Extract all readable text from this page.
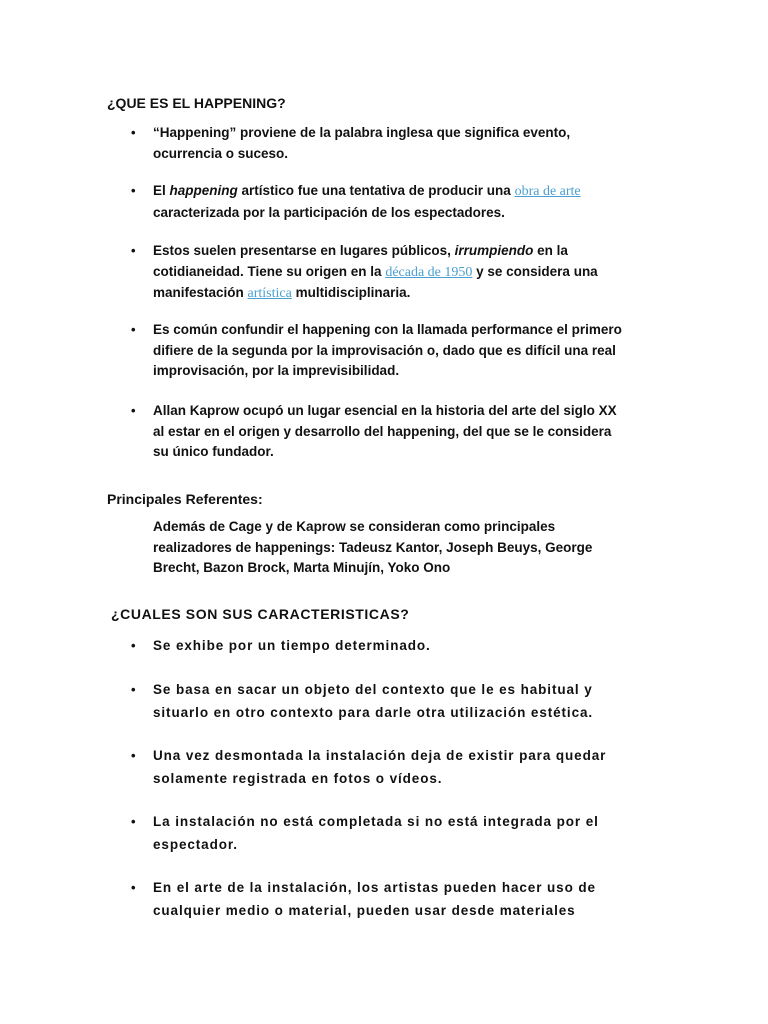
¿QUE ES EL HAPPENING?
• “Happening” proviene de la palabra inglesa que significa evento,
ocurrencia o suceso.
• El happening artístico fue una tentativa de producir una obra de arte
caracterizada por la participación de los espectadores.
• Estos suelen presentarse en lugares públicos, irrumpiendo en la
cotidianeidad. Tiene su origen en la década de 1950 y se considera una
manifestación artística multidisciplinaria.
• Es común confundir el happening con la llamada performance el primero
difiere de la segunda por la improvisación o, dado que es difícil una real
improvisación, por la imprevisibilidad.
• Allan Kaprow ocupó un lugar esencial en la historia del arte del siglo XX
al estar en el origen y desarrollo del happening, del que se le considera
su único fundador.
Principales Referentes:
Además de Cage y de Kaprow se consideran como principales
realizadores de happenings: Tadeusz Kantor, Joseph Beuys, George
Brecht, Bazon Brock, Marta Minujín, Yoko Ono
¿CUALES SON SUS CARACTERISTICAS?
• Se exhibe por un tiempo determinado.
• Se basa en sacar un objeto del contexto que le es habitual y
situarlo en otro contexto para darle otra utilización estética.
• Una vez desmontada la instalación deja de existir para quedar
solamente registrada en fotos o vídeos.
• La instalación no está completada si no está integrada por el
espectador.
• En el arte de la instalación, los artistas pueden hacer uso de
cualquier medio o material, pueden usar desde materiales
